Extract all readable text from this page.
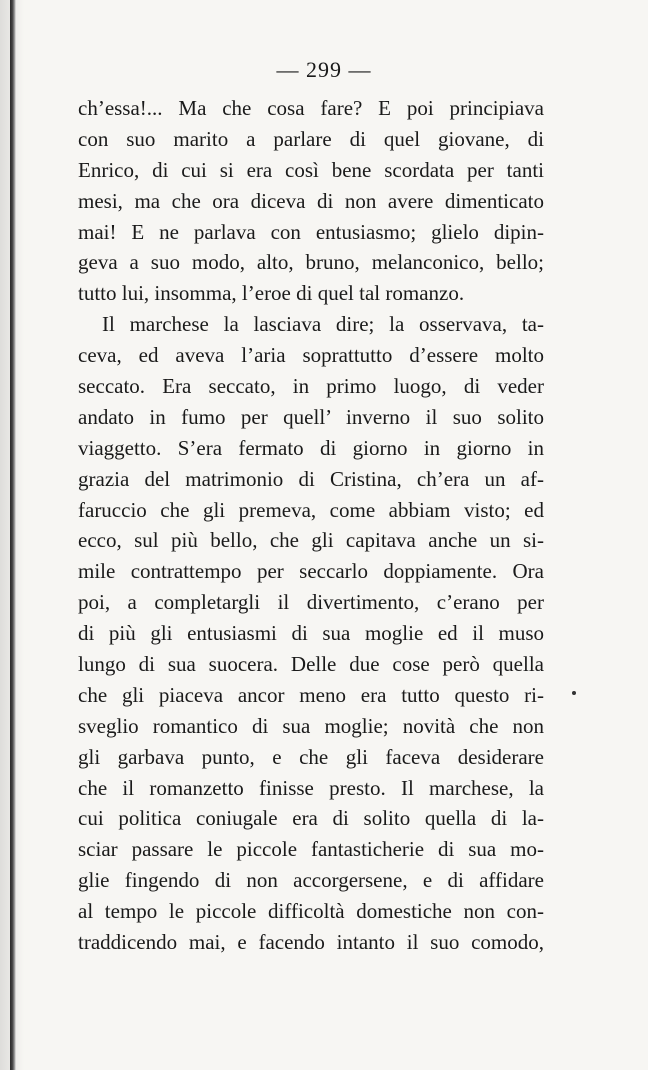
— 299 —
ch’essa!... Ma che cosa fare? E poi principiava
con suo marito a parlare di quel giovane, di
Enrico, di cui si era così bene scordata per tanti
mesi, ma che ora diceva di non avere dimenticato
mai! E ne parlava con entusiasmo; glielo dipin-
geva a suo modo, alto, bruno, melanconico, bello;
tutto lui, insomma, l’eroe di quel tal romanzo.
Il marchese la lasciava dire; la osservava, ta-
ceva, ed aveva l’aria soprattutto d’essere molto
seccato. Era seccato, in primo luogo, di veder
andato in fumo per quell’ inverno il suo solito
viaggetto. S’era fermato di giorno in giorno in
grazia del matrimonio di Cristina, ch’era un af-
faruccio che gli premeva, come abbiam visto; ed
ecco, sul più bello, che gli capitava anche un si-
mile contrattempo per seccarlo doppiamente. Ora
poi, a completargli il divertimento, c’erano per
di più gli entusiasmi di sua moglie ed il muso
lungo di sua suocera. Delle due cose però quella
che gli piaceva ancor meno era tutto questo ri-
sveglio romantico di sua moglie; novità che non
gli garbava punto, e che gli faceva desiderare
che il romanzetto finisse presto. Il marchese, la
cui politica coniugale era di solito quella di la-
sciar passare le piccole fantasticherie di sua mo-
glie fingendo di non accorgersene, e di affidare
al tempo le piccole difficoltà domestiche non con-
traddicendo mai, e facendo intanto il suo comodo,
